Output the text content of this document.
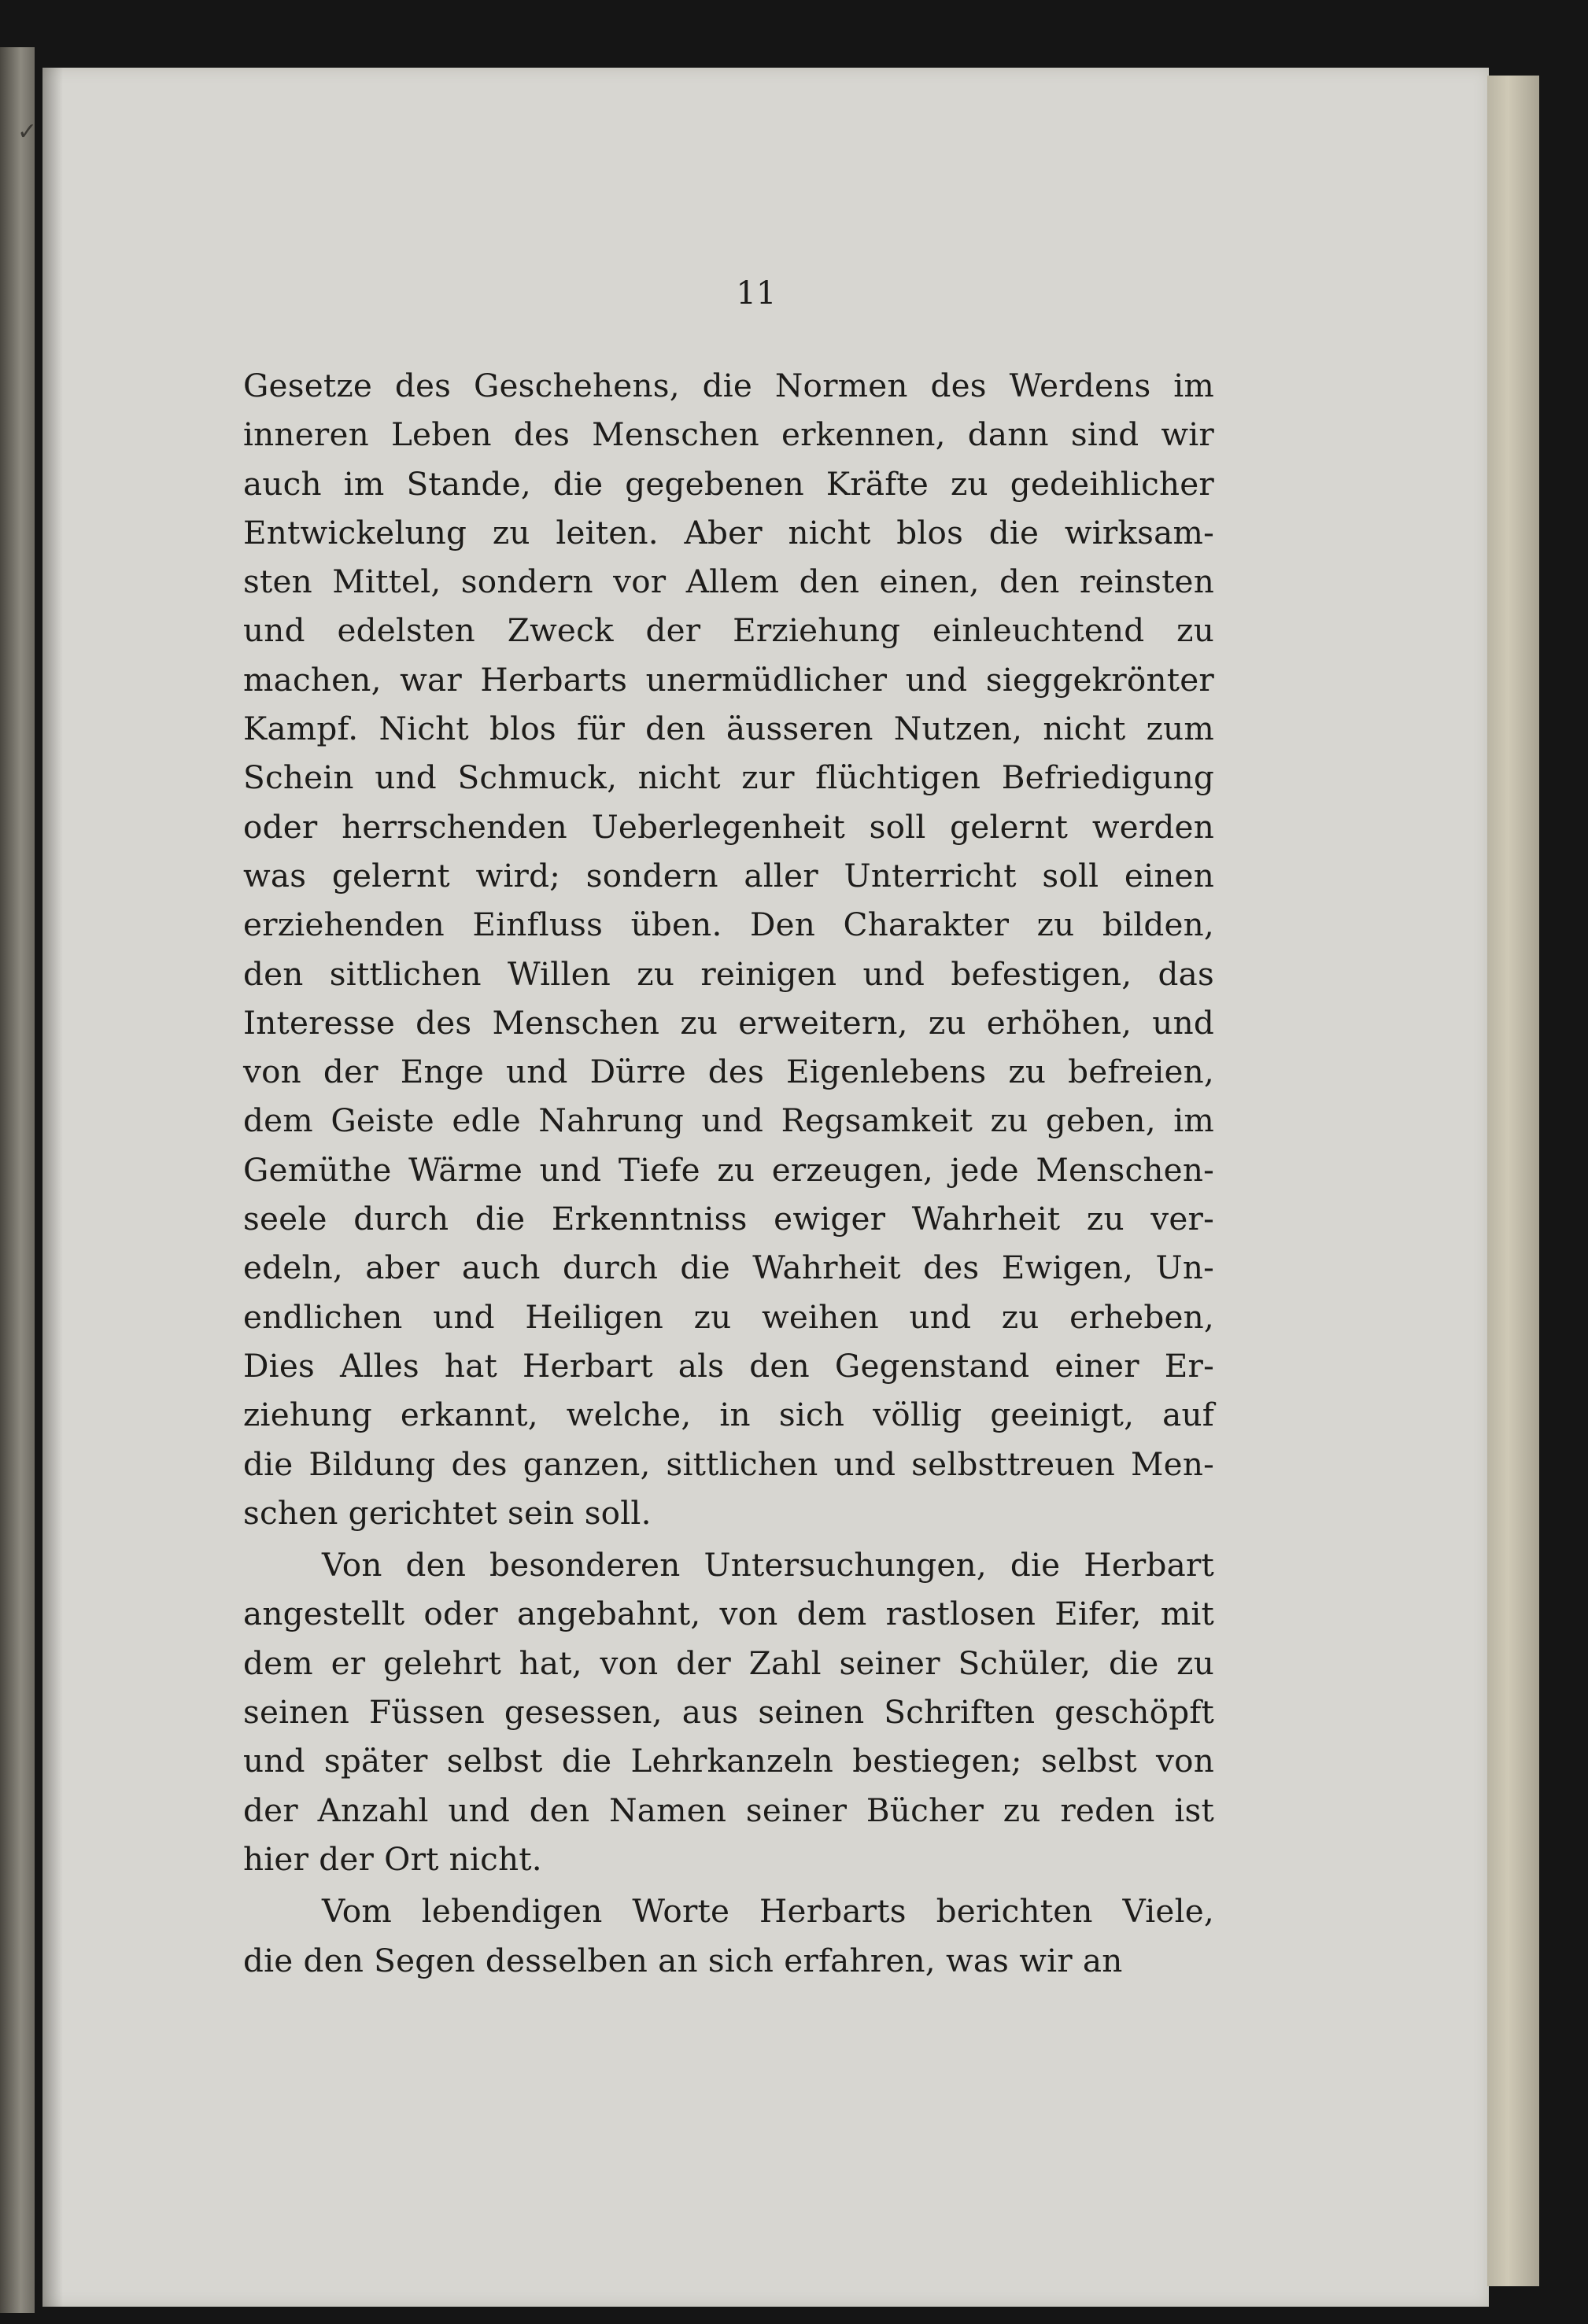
✓
11
Gesetze des Geschehens, die Normen des Werdens im
inneren Leben des Menschen erkennen, dann sind wir
auch im Stande, die gegebenen Kräfte zu gedeihlicher
Entwickelung zu leiten. Aber nicht blos die wirksam-
sten Mittel, sondern vor Allem den einen, den reinsten
und edelsten Zweck der Erziehung einleuchtend zu
machen, war Herbarts unermüdlicher und sieggekrönter
Kampf. Nicht blos für den äusseren Nutzen, nicht zum
Schein und Schmuck, nicht zur flüchtigen Befriedigung
oder herrschenden Ueberlegenheit soll gelernt werden
was gelernt wird; sondern aller Unterricht soll einen
erziehenden Einfluss üben. Den Charakter zu bilden,
den sittlichen Willen zu reinigen und befestigen, das
Interesse des Menschen zu erweitern, zu erhöhen, und
von der Enge und Dürre des Eigenlebens zu befreien,
dem Geiste edle Nahrung und Regsamkeit zu geben, im
Gemüthe Wärme und Tiefe zu erzeugen, jede Menschen-
seele durch die Erkenntniss ewiger Wahrheit zu ver-
edeln, aber auch durch die Wahrheit des Ewigen, Un-
endlichen und Heiligen zu weihen und zu erheben,
Dies Alles hat Herbart als den Gegenstand einer Er-
ziehung erkannt, welche, in sich völlig geeinigt, auf
die Bildung des ganzen, sittlichen und selbsttreuen Men-
schen gerichtet sein soll.
Von den besonderen Untersuchungen, die Herbart
angestellt oder angebahnt, von dem rastlosen Eifer, mit
dem er gelehrt hat, von der Zahl seiner Schüler, die zu
seinen Füssen gesessen, aus seinen Schriften geschöpft
und später selbst die Lehrkanzeln bestiegen; selbst von
der Anzahl und den Namen seiner Bücher zu reden ist
hier der Ort nicht.
Vom lebendigen Worte Herbarts berichten Viele,
die den Segen desselben an sich erfahren, was wir an
